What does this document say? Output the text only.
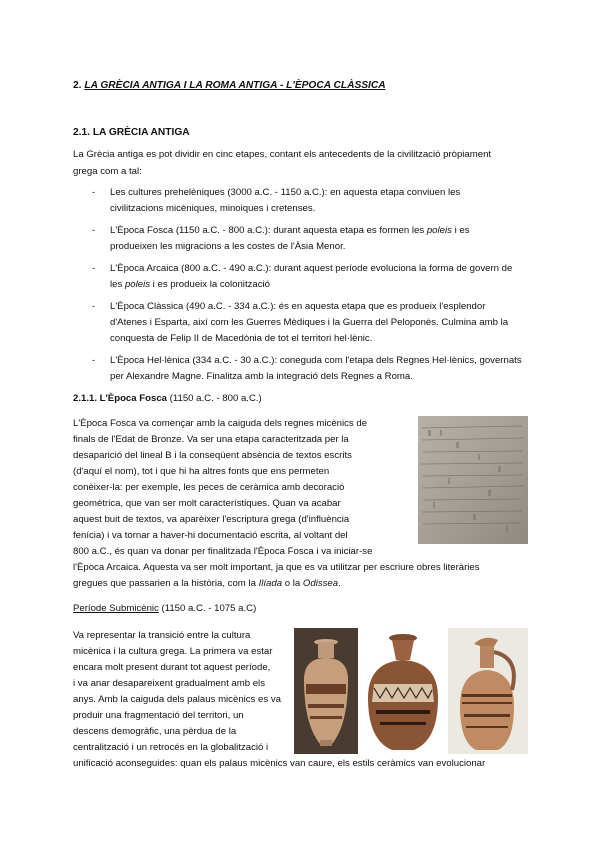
2. LA GRÈCIA ANTIGA I LA ROMA ANTIGA - L'ÈPOCA CLÀSSICA
2.1. LA GRÈCIA ANTIGA
La Grècia antiga es pot dividir en cinc etapes, contant els antecedents de la civilització pròpiament
grega com a tal:
- Les cultures prehelèniques (3000 a.C. - 1150 a.C.): en aquesta etapa conviuen les
civilitzacions micèniques, minoiques i cretenses.
- L'Època Fosca (1150 a.C. - 800 a.C.): durant aquesta etapa es formen les poleis i es
produeixen les migracions a les costes de l'Àsia Menor.
- L'Època Arcaica (800 a.C. - 490 a.C.): durant aquest període evoluciona la forma de govern de
les poleis i es produeix la colonització
- L'Època Clàssica (490 a.C. - 334 a.C.): és en aquesta etapa que es produeix l'esplendor
d'Atenes i Esparta, així com les Guerres Mèdiques i la Guerra del Peloponès. Culmina amb la
conquesta de Felip II de Macedònia de tot el territori hel·lènic.
- L'Època Hel·lènica (334 a.C. - 30 a.C.): coneguda com l'etapa dels Regnes Hel·lènics, governats
per Alexandre Magne. Finalitza amb la integració dels Regnes a Roma.
2.1.1. L'Època Fosca (1150 a.C. - 800 a.C.)
L'Època Fosca va començar amb la caiguda dels regnes micènics de
finals de l'Edat de Bronze. Va ser una etapa caracteritzada per la
desaparició del lineal B i la conseqüent absència de textos escrits
(d'aquí el nom), tot i que hi ha altres fonts que ens permeten
conèixer-la: per exemple, les peces de ceràmica amb decoració
geomètrica, que van ser molt característiques. Quan va acabar
aquest buit de textos, va aparèixer l'escriptura grega (d'influència
fenícia) i va tornar a haver-hi documentació escrita, al voltant del
800 a.C., és quan va donar per finalitzada l'Època Fosca i va iniciar-se
l'Època Arcaica. Aquesta va ser molt important, ja que es va utilitzar per escriure obres literàries
gregues que passarien a la història, com la Ilíada o la Odissea.
Període Submicènic (1150 a.C. - 1075 a.C)
Va representar la transició entre la cultura
micènica i la cultura grega. La primera va estar
encara molt present durant tot aquest període,
i va anar desapareixent gradualment amb els
anys. Amb la caiguda dels palaus micènics es va
produir una fragmentació del territori, un
descens demogràfic, una pèrdua de la
centralització i un retrocés en la globalització i
unificació aconseguides: quan els palaus micènics van caure, els estils ceràmics van evolucionar
